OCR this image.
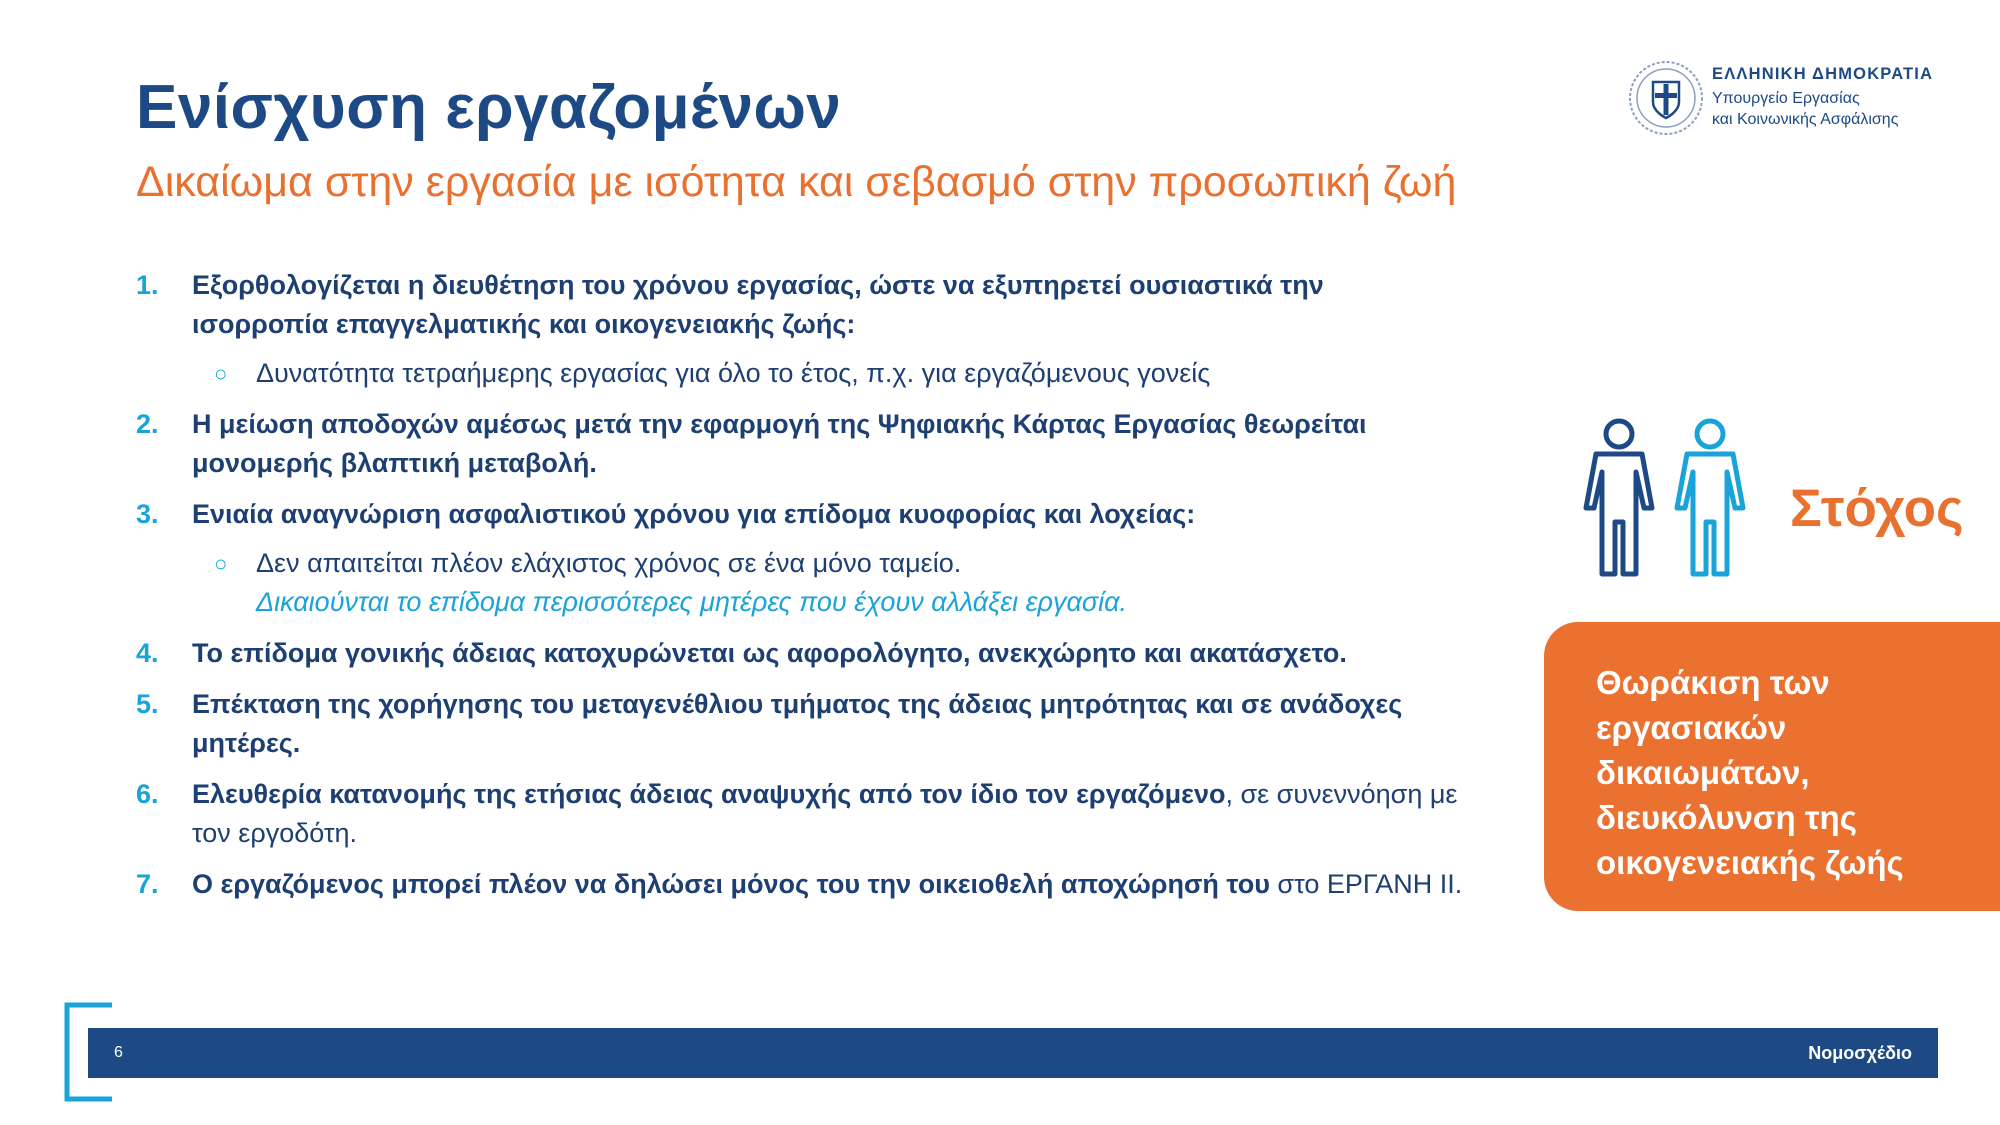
Ενίσχυση εργαζομένων
Δικαίωμα στην εργασία με ισότητα και σεβασμό στην προσωπική ζωή
ΕΛΛΗΝΙΚΗ ΔΗΜΟΚΡΑΤΙΑ
Υπουργείο Εργασίας
και Κοινωνικής Ασφάλισης
1. Εξορθολογίζεται η διευθέτηση του χρόνου εργασίας, ώστε να εξυπηρετεί ουσιαστικά την ισορροπία επαγγελματικής και οικογενειακής ζωής:
○ Δυνατότητα τετραήμερης εργασίας για όλο το έτος, π.χ. για εργαζόμενους γονείς
2. Η μείωση αποδοχών αμέσως μετά την εφαρμογή της Ψηφιακής Κάρτας Εργασίας θεωρείται μονομερής βλαπτική μεταβολή.
3. Ενιαία αναγνώριση ασφαλιστικού χρόνου για επίδομα κυοφορίας και λοχείας:
○ Δεν απαιτείται πλέον ελάχιστος χρόνος σε ένα μόνο ταμείο.
Δικαιούνται το επίδομα περισσότερες μητέρες που έχουν αλλάξει εργασία.
4. Το επίδομα γονικής άδειας κατοχυρώνεται ως αφορολόγητο, ανεκχώρητο και ακατάσχετο.
5. Επέκταση της χορήγησης του μεταγενέθλιου τμήματος της άδειας μητρότητας και σε ανάδοχες μητέρες.
6. Ελευθερία κατανομής της ετήσιας άδειας αναψυχής από τον ίδιο τον εργαζόμενο, σε συνεννόηση με τον εργοδότη.
7. Ο εργαζόμενος μπορεί πλέον να δηλώσει μόνος του την οικειοθελή αποχώρησή του στο ΕΡΓΑΝΗ ΙΙ.
Στόχος
Θωράκιση των εργασιακών δικαιωμάτων, διευκόλυνση της οικογενειακής ζωής
6	Νομοσχέδιο
